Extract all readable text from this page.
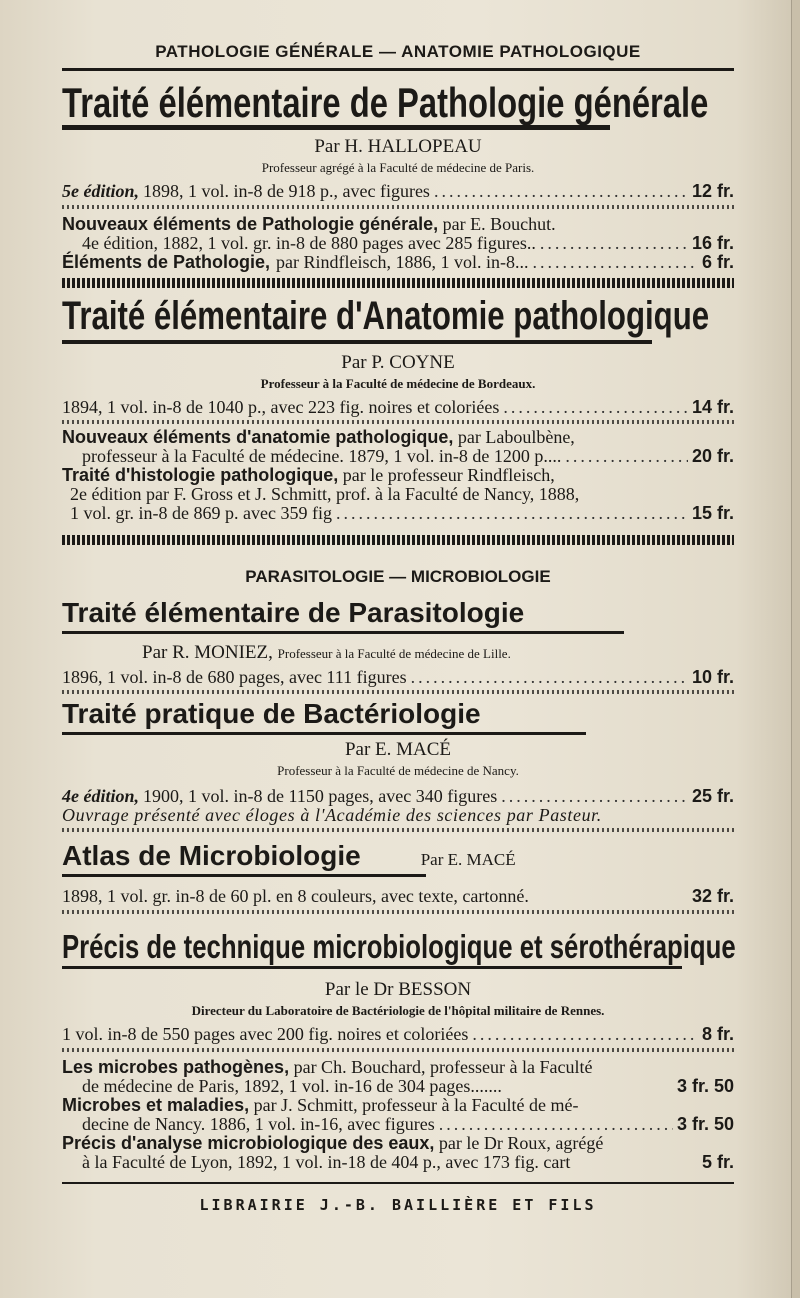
PATHOLOGIE GÉNÉRALE — ANATOMIE PATHOLOGIQUE
Traité élémentaire de Pathologie générale
Par H. HALLOPEAU
Professeur agrégé à la Faculté de médecine de Paris.
5e édition, 1898, 1 vol. in-8 de 918 p., avec figures .....	12 fr.
Nouveaux éléments de Pathologie générale, par E. Bouchut.
4e édition, 1882, 1 vol. gr. in-8 de 880 pages avec 285 figures.. .....	16 fr.
Éléments de Pathologie, par Rindfleisch, 1886, 1 vol. in-8... .....	6 fr.
Traité élémentaire d'Anatomie pathologique
Par P. COYNE
Professeur à la Faculté de médecine de Bordeaux.
1894, 1 vol. in-8 de 1040 p., avec 223 fig. noires et coloriées .....	14 fr.
Nouveaux éléments d'anatomie pathologique, par Laboulbène,
professeur à la Faculté de médecine. 1879, 1 vol. in-8 de 1200 p.... .....	20 fr.
Traité d'histologie pathologique, par le professeur Rindfleisch,
2e édition par F. Gross et J. Schmitt, prof. à la Faculté de Nancy, 1888,
1 vol. gr. in-8 de 869 p. avec 359 fig .....	15 fr.
PARASITOLOGIE — MICROBIOLOGIE
Traité élémentaire de Parasitologie
Par R. MONIEZ, Professeur à la Faculté de médecine de Lille.
1896, 1 vol. in-8 de 680 pages, avec 111 figures .....	10 fr.
Traité pratique de Bactériologie
Par E. MACÉ
Professeur à la Faculté de médecine de Nancy.
4e édition, 1900, 1 vol. in-8 de 1150 pages, avec 340 figures .....	25 fr.
Ouvrage présenté avec éloges à l'Académie des sciences par Pasteur.
Atlas de Microbiologie	Par E. MACÉ
1898, 1 vol. gr. in-8 de 60 pl. en 8 couleurs, avec texte, cartonné.	32 fr.
Précis de technique microbiologique et sérothérapique
Par le Dr BESSON
Directeur du Laboratoire de Bactériologie de l'hôpital militaire de Rennes.
1 vol. in-8 de 550 pages avec 200 fig. noires et coloriées .....	8 fr.
Les microbes pathogènes, par Ch. Bouchard, professeur à la Faculté
de médecine de Paris, 1892, 1 vol. in-16 de 304 pages.......	3 fr. 50
Microbes et maladies, par J. Schmitt, professeur à la Faculté de mé-
decine de Nancy. 1886, 1 vol. in-16, avec figures .....	3 fr. 50
Précis d'analyse microbiologique des eaux, par le Dr Roux, agrégé
à la Faculté de Lyon, 1892, 1 vol. in-18 de 404 p., avec 173 fig. cart	5 fr.
LIBRAIRIE J.-B. BAILLIÈRE ET FILS
